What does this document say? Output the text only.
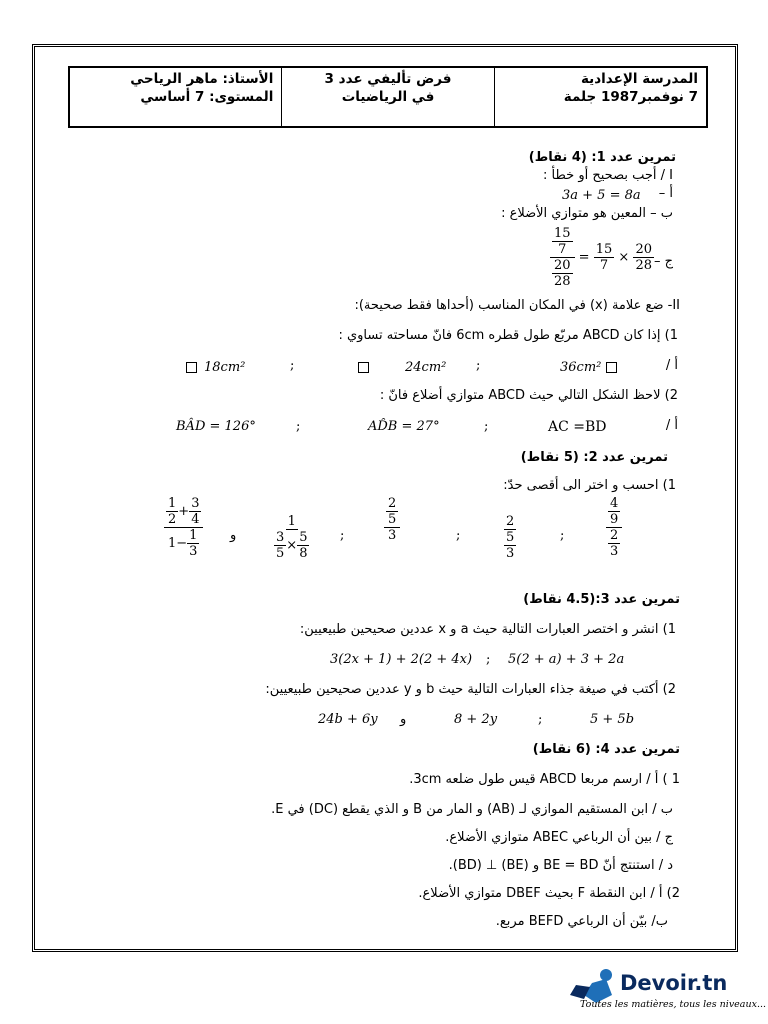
المدرسة الإعدادية
7 نوفمبر1987 جلمة
فرض تأليفي عدد 3
في الرياضيات
الأستاذ: ماهر الرياحي
المستوى: 7 أساسي
تمرين عدد 1: (4 نقاط)
I / أجب بصحيح أو خطأ :
أ –
3a + 5 = 8a
ب – المعين هو متوازي الأضلاع :
ج –
$\frac{\frac{15}{7}}{\frac{20}{28}} = \frac{15}{7} \times \frac{20}{28}$
II- ضع علامة (x) في المكان المناسب (أحداها فقط صحيحة):
1) إذا كان ABCD مربّع طول قطره 6cm فانّ مساحته تساوي :
أ /
36cm²
24cm² ;
;
18cm²
2) لاحظ الشكل التالي حيث ABCD متوازي أضلاع فانّ :
أ /
AC =BD
;
AD̂B = 27°
;
BÂD = 126°
تمرين عدد 2: (5 نقاط)
1) احسب و اختر الى أقصى حدّ:
$\frac{\frac{4}{9}}{\frac{2}{3}}$
;
$\frac{2}{\frac{5}{3}}$
;
$\frac{\frac{2}{5}}{3}$
;
$\frac{1}{\frac{3}{5} \times \frac{5}{8}}$
و
$\frac{\frac{1}{2} + \frac{3}{4}}{1- \frac{1}{3}}$
تمرين عدد 3:(4.5 نقاط)
1) انشر و اختصر العبارات التالية حيث a و x عددين صحيحين طبيعيين:
5(2 + a) + 3 + 2a
;
3(2x + 1) + 2(2 + 4x)
2) أكتب في صيغة جذاء العبارات التالية حيث b و y عددين صحيحين طبيعيين:
5 + 5b
;
8 + 2y
و
24b + 6y
تمرين عدد 4: (6 نقاط)
1 ) أ / ارسم مربعا ABCD قيس طول ضلعه 3cm.
ب / ابن المستقيم الموازي لـ (AB) و المار من B و الذي يقطع (DC) في E.
ج / بين أن الرباعي ABEC متوازي الأضلاع.
د / استنتج أنّ BE = BD و (BE) ⊥ (BD).
2) أ / ابن النقطة F بحيث DBEF متوازي الأضلاع.
ب/ بيّن أن الرباعي BEFD مربع.
Devoir.tn
Toutes les matières, tous les niveaux...
